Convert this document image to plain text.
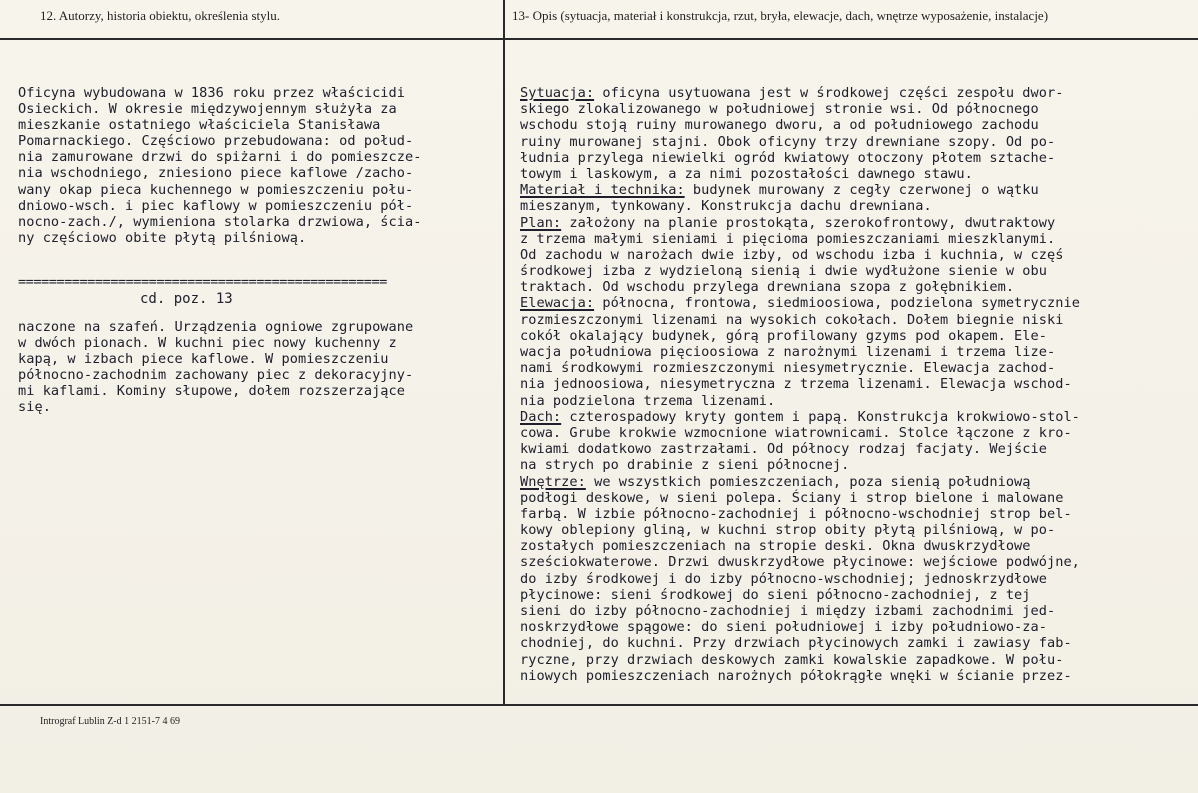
12. Autorzy, historia obiektu, określenia stylu.	13- Opis (sytuacja, materiał i konstrukcja, rzut, bryła, elewacje, dach, wnętrze wyposażenie, instalacje)
Oficyna wybudowana w 1836 roku przez właścicidi
Osieckich. W okresie międzywojennym służyła za
mieszkanie ostatniego właściciela Stanisława
Pomarnackiego. Częściowo przebudowana: od połud-
nia zamurowane drzwi do spiżarni i do pomieszcze-
nia wschodniego, zniesiono piece kaflowe /zacho-
wany okap pieca kuchennego w pomieszczeniu połu-
dniowo-wsch. i piec kaflowy w pomieszczeniu pół-
nocno-zach./, wymieniona stolarka drzwiowa, ścia-
ny częściowo obite płytą pilśniową.
================================================
cd. poz. 13
naczone na szafeń. Urządzenia ogniowe zgrupowane
w dwóch pionach. W kuchni piec nowy kuchenny z
kapą, w izbach piece kaflowe. W pomieszczeniu
północno-zachodnim zachowany piec z dekoracyjny-
mi kaflami. Kominy słupowe, dołem rozszerzające
się.
Sytuacja: oficyna usytuowana jest w środkowej części zespołu dwor-
skiego zlokalizowanego w południowej stronie wsi. Od północnego
wschodu stoją ruiny murowanego dworu, a od południowego zachodu
ruiny murowanej stajni. Obok oficyny trzy drewniane szopy. Od po-
łudnia przylega niewielki ogród kwiatowy otoczony płotem sztache-
towym i laskowym, a za nimi pozostałości dawnego stawu.
Materiał i technika: budynek murowany z cegły czerwonej o wątku
mieszanym, tynkowany. Konstrukcja dachu drewniana.
Plan: założony na planie prostokąta, szerokofrontowy, dwutraktowy
z trzema małymi sieniami i pięcioma pomieszczaniami mieszklanymi.
Od zachodu w narożach dwie izby, od wschodu izba i kuchnia, w częś
środkowej izba z wydzieloną sienią i dwie wydłużone sienie w obu
traktach. Od wschodu przylega drewniana szopa z gołębnikiem.
Elewacja: północna, frontowa, siedmioosiowa, podzielona symetrycznie
rozmieszczonymi lizenami na wysokich cokołach. Dołem biegnie niski
cokół okalający budynek, górą profilowany gzyms pod okapem. Ele-
wacja południowa pięcioosiowa z narożnymi lizenami i trzema lize-
nami środkowymi rozmieszczonymi niesymetrycznie. Elewacja zachod-
nia jednoosiowa, niesymetryczna z trzema lizenami. Elewacja wschod-
nia podzielona trzema lizenami.
Dach: czterospadowy kryty gontem i papą. Konstrukcja krokwiowo-stol-
cowa. Grube krokwie wzmocnione wiatrownicami. Stolce łączone z kro-
kwiami dodatkowo zastrzałami. Od północy rodzaj facjaty. Wejście
na strych po drabinie z sieni północnej.
Wnętrze: we wszystkich pomieszczeniach, poza sienią południową
podłogi deskowe, w sieni polepa. Ściany i strop bielone i malowane
farbą. W izbie północno-zachodniej i północno-wschodniej strop bel-
kowy oblepiony gliną, w kuchni strop obity płytą pilśniową, w po-
zostałych pomieszczeniach na stropie deski. Okna dwuskrzydłowe
sześciokwaterowe. Drzwi dwuskrzydłowe płycinowe: wejściowe podwójne,
do izby środkowej i do izby północno-wschodniej; jednoskrzydłowe
płycinowe: sieni środkowej do sieni północno-zachodniej, z tej
sieni do izby północno-zachodniej i między izbami zachodnimi jed-
noskrzydłowe spągowe: do sieni południowej i izby południowo-za-
chodniej, do kuchni. Przy drzwiach płycinowych zamki i zawiasy fab-
ryczne, przy drzwiach deskowych zamki kowalskie zapadkowe. W połu-
niowych pomieszczeniach narożnych półokrągłe wnęki w ścianie przez-
Intrograf Lublin Z-d 1 2151-7 4 69
